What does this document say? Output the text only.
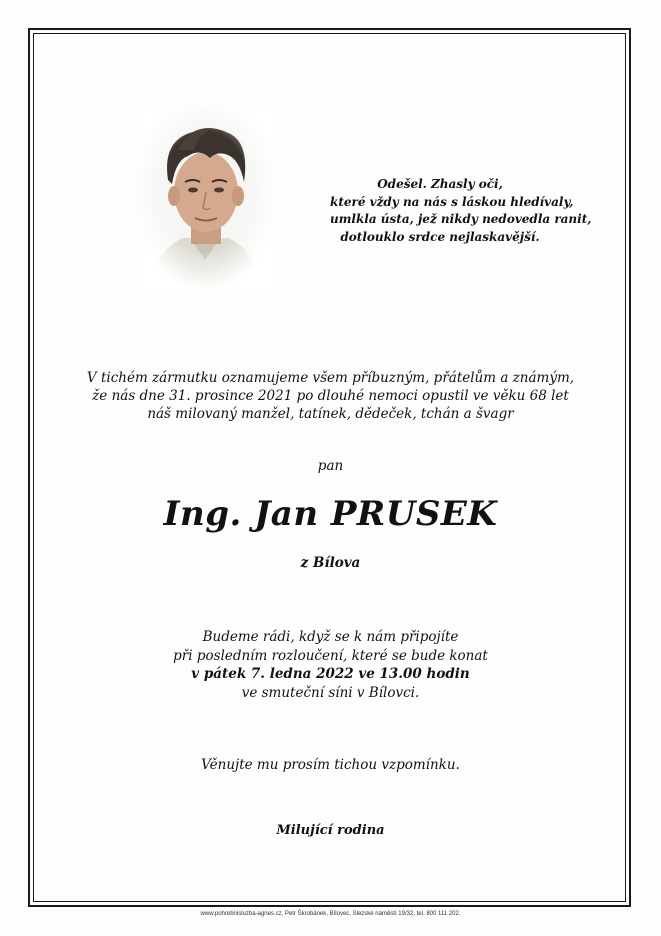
Odešel. Zhasly oči,
které vždy na nás s láskou hledívaly,
umlkla ústa, jež nikdy nedovedla ranit,
dotlouklo srdce nejlaskavější.
V tichém zármutku oznamujeme všem příbuzným, přátelům a známým,
že nás dne 31. prosince 2021 po dlouhé nemoci opustil ve věku 68 let
náš milovaný manžel, tatínek, dědeček, tchán a švagr
pan
Ing. Jan PRUSEK
z Bílova
Budeme rádi, když se k nám připojíte
při posledním rozloučení, které se bude konat
v pátek 7. ledna 2022 ve 13.00 hodin
ve smuteční síni v Bílovci.
Věnujte mu prosím tichou vzpomínku.
Milující rodina
www.pohrebnisluzba-agnes.cz, Petr Škrobánek, Bílovec, Slezské náměstí 19/32, tel. 800 111 202.
